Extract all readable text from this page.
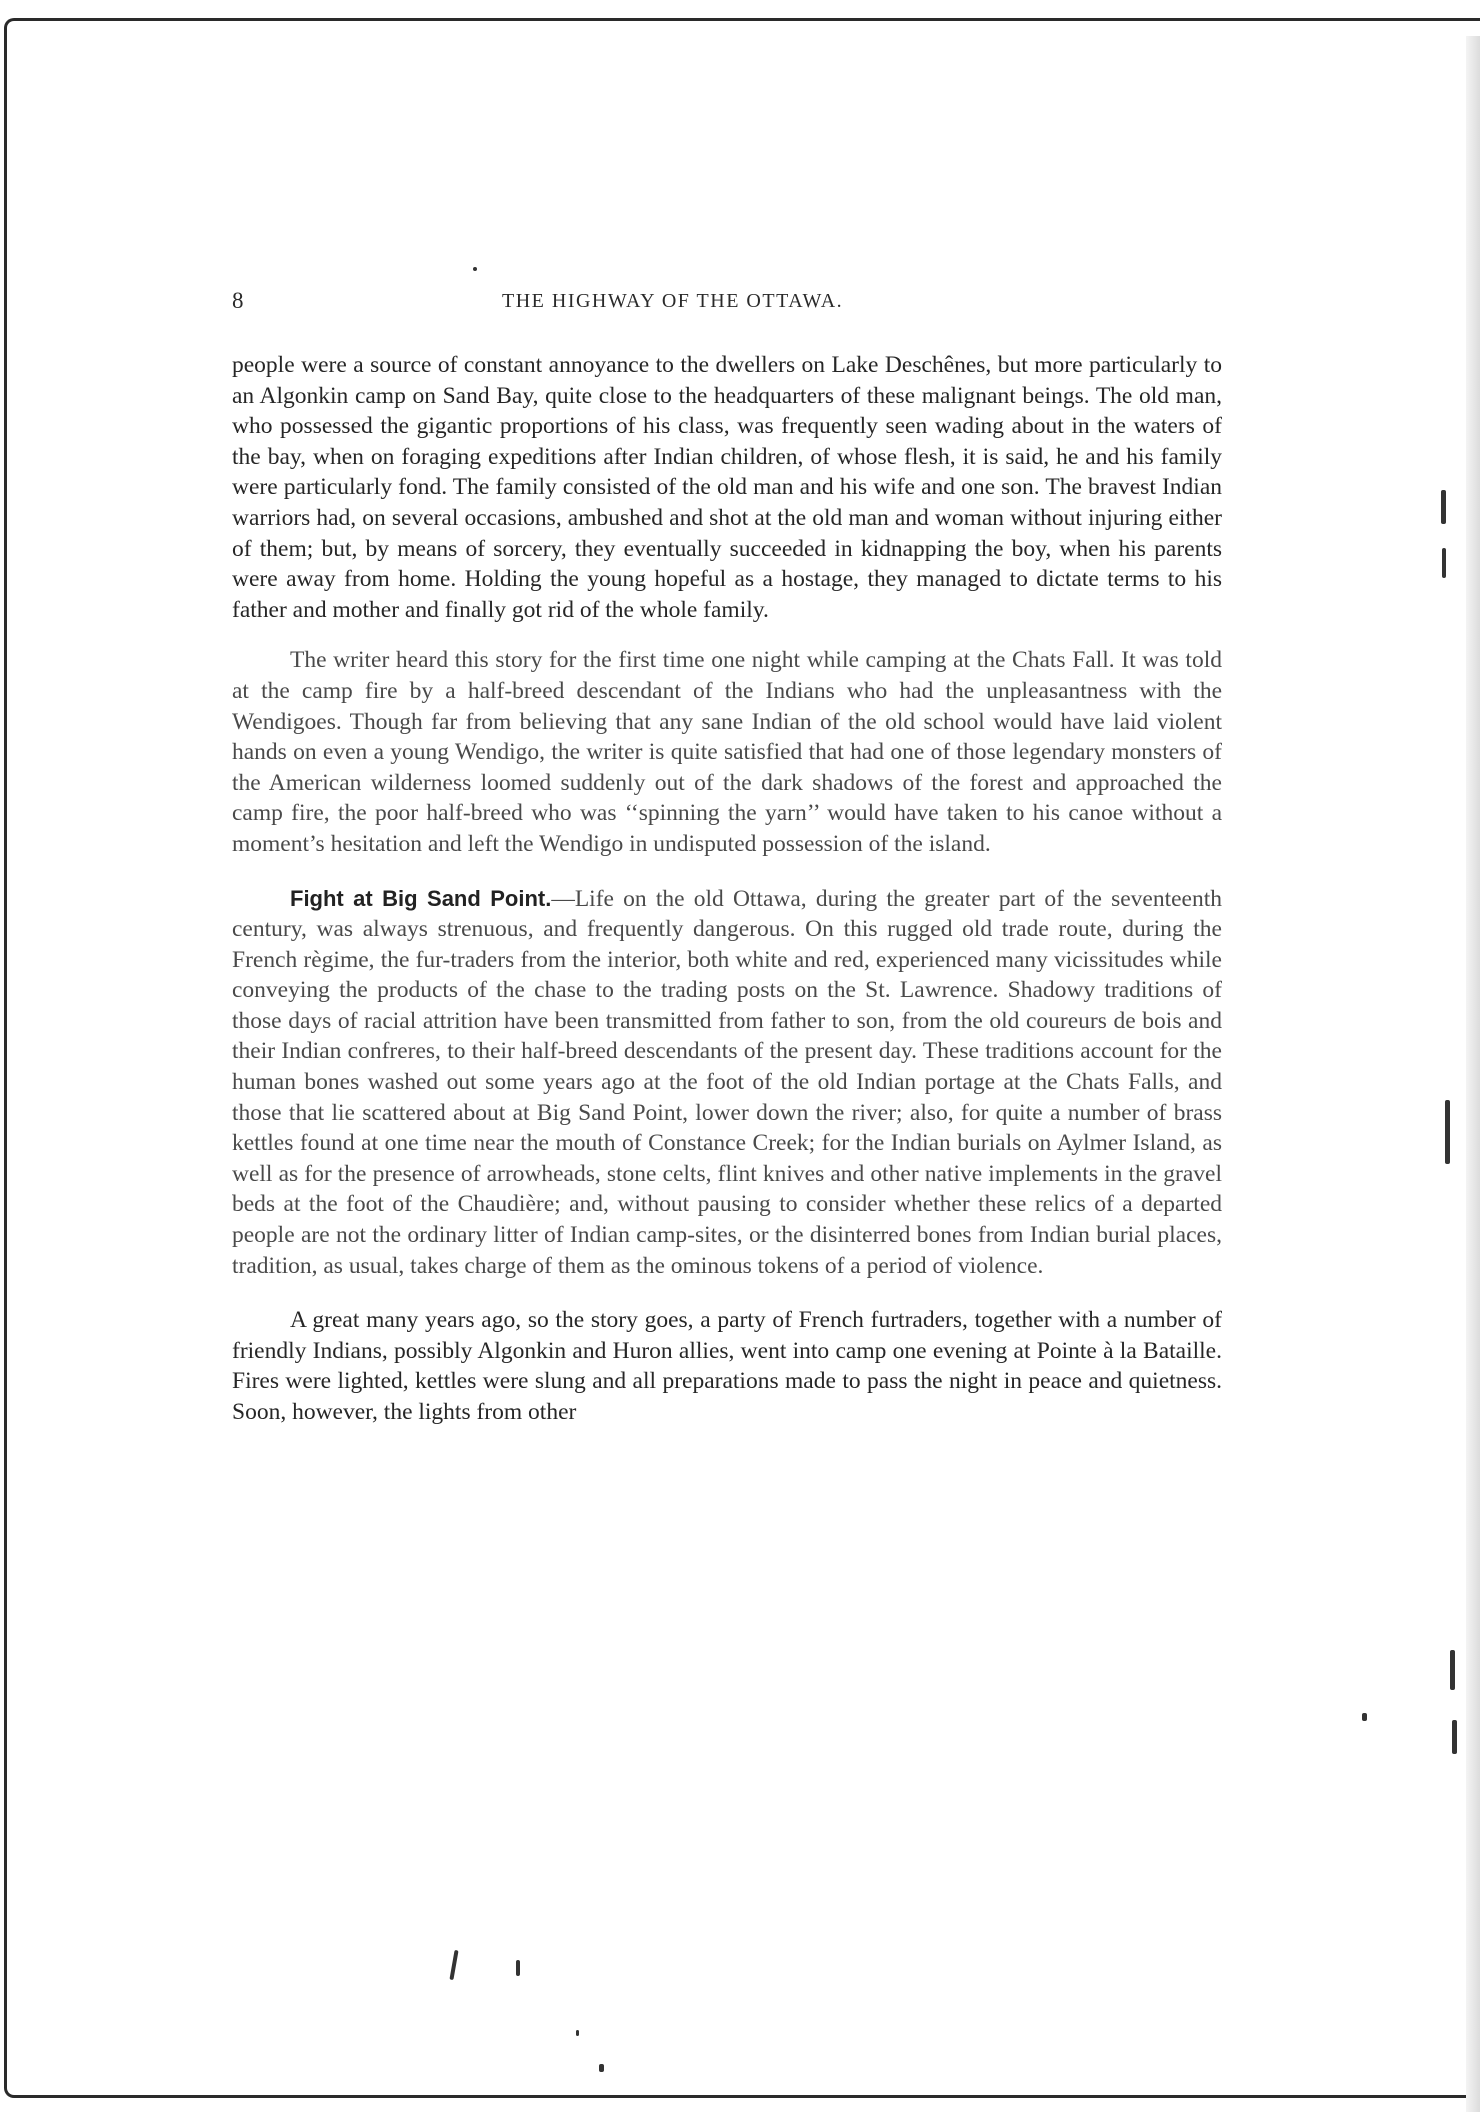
8	THE HIGHWAY OF THE OTTAWA.

people were a source of constant annoyance to the dwellers on Lake Deschênes, but more particularly to an Algonkin camp on Sand Bay, quite close to the headquarters of these malignant beings. The old man, who possessed the gigantic proportions of his class, was frequently seen wading about in the waters of the bay, when on foraging expeditions after Indian children, of whose flesh, it is said, he and his family were particularly fond. The family consisted of the old man and his wife and one son. The bravest Indian warriors had, on several occasions, ambushed and shot at the old man and woman without injuring either of them; but, by means of sorcery, they eventually succeeded in kidnapping the boy, when his parents were away from home. Holding the young hopeful as a hostage, they managed to dictate terms to his father and mother and finally got rid of the whole family.

The writer heard this story for the first time one night while camping at the Chats Fall. It was told at the camp fire by a half-breed descendant of the Indians who had the unpleasantness with the Wendigoes. Though far from believing that any sane Indian of the old school would have laid violent hands on even a young Wendigo, the writer is quite satisfied that had one of those legendary monsters of the American wilderness loomed suddenly out of the dark shadows of the forest and approached the camp fire, the poor half-breed who was ‘‘spinning the yarn’’ would have taken to his canoe without a moment’s hesitation and left the Wendigo in undisputed possession of the island.

Fight at Big Sand Point.—Life on the old Ottawa, during the greater part of the seventeenth century, was always strenuous, and frequently dangerous. On this rugged old trade route, during the French règime, the fur-traders from the interior, both white and red, experienced many vicissitudes while conveying the products of the chase to the trading posts on the St. Lawrence. Shadowy traditions of those days of racial attrition have been transmitted from father to son, from the old coureurs de bois and their Indian confreres, to their half-breed descendants of the present day. These traditions account for the human bones washed out some years ago at the foot of the old Indian portage at the Chats Falls, and those that lie scattered about at Big Sand Point, lower down the river; also, for quite a number of brass kettles found at one time near the mouth of Constance Creek; for the Indian burials on Aylmer Island, as well as for the presence of arrowheads, stone celts, flint knives and other native implements in the gravel beds at the foot of the Chaudière; and, without pausing to consider whether these relics of a departed people are not the ordinary litter of Indian camp-sites, or the disinterred bones from Indian burial places, tradition, as usual, takes charge of them as the ominous tokens of a period of violence.

A great many years ago, so the story goes, a party of French furtraders, together with a number of friendly Indians, possibly Algonkin and Huron allies, went into camp one evening at Pointe à la Bataille. Fires were lighted, kettles were slung and all preparations made to pass the night in peace and quietness. Soon, however, the lights from other
